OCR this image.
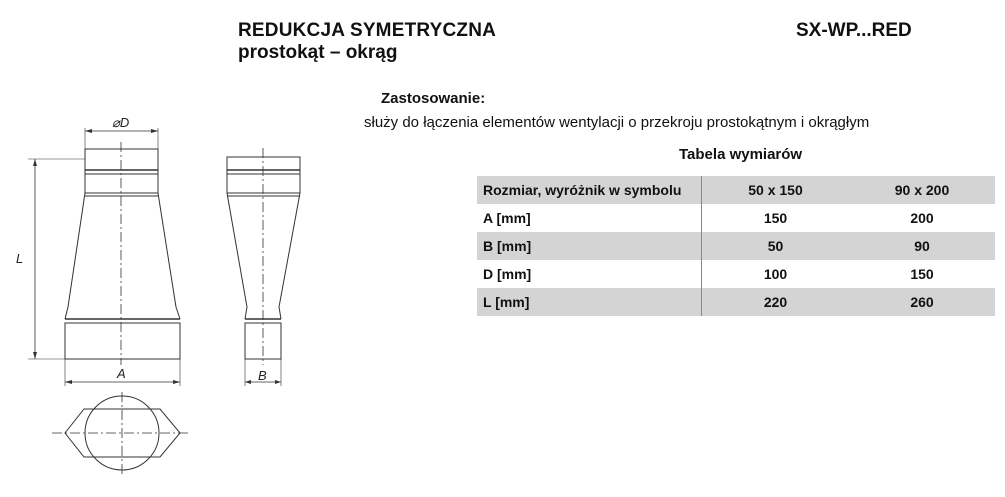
REDUKCJA SYMETRYCZNA
prostokąt – okrąg
SX-WP...RED
Zastosowanie:
służy do łączenia elementów wentylacji o przekroju prostokątnym i okrągłym
Tabela wymiarów
Rozmiar, wyróżnik w symbolu	50 x 150	90 x 200
A [mm]	150	200
B [mm]	50	90
D [mm]	100	150
L [mm]	220	260
⌀D
L
A	B
